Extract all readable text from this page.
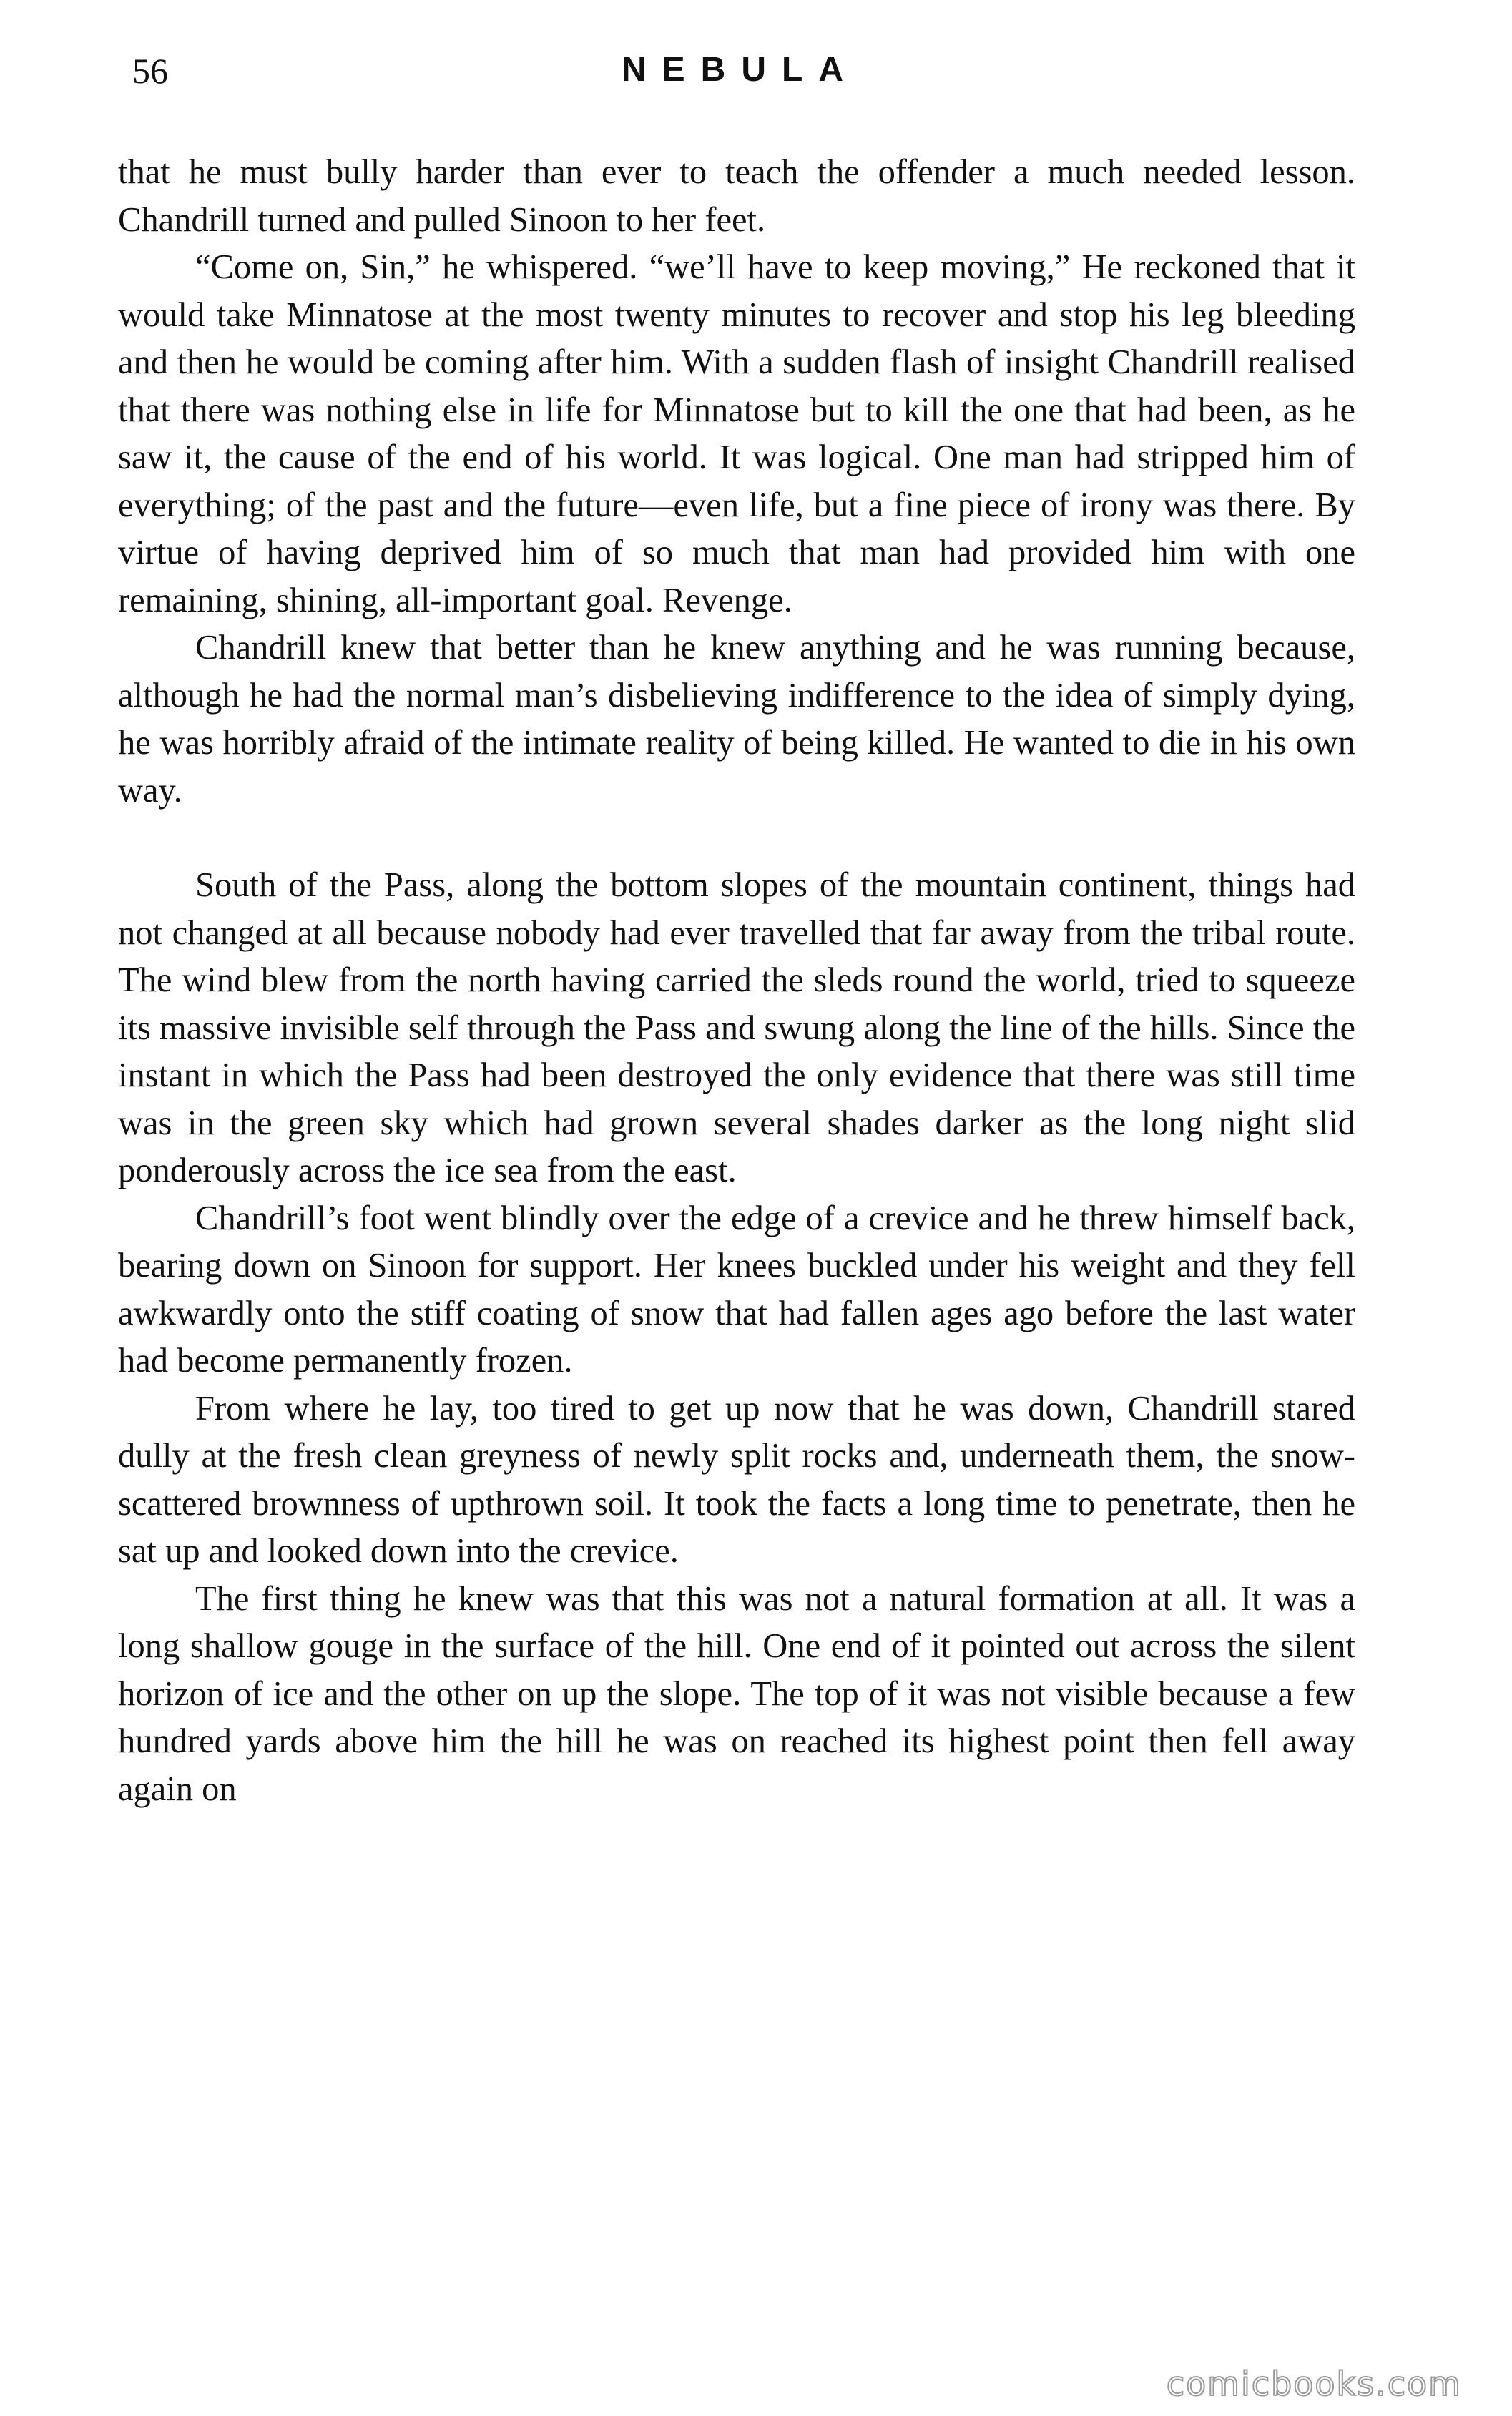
56	NEBULA

that he must bully harder than ever to teach the offender a much needed lesson. Chandrill turned and pulled Sinoon to her feet.

“Come on, Sin,” he whispered. “we’ll have to keep moving,” He reckoned that it would take Minnatose at the most twenty minutes to recover and stop his leg bleeding and then he would be coming after him. With a sudden flash of insight Chandrill realised that there was nothing else in life for Minnatose but to kill the one that had been, as he saw it, the cause of the end of his world. It was logical. One man had stripped him of everything; of the past and the future—even life, but a fine piece of irony was there. By virtue of having deprived him of so much that man had provided him with one remaining, shining, all-important goal. Revenge.

Chandrill knew that better than he knew anything and he was running because, although he had the normal man’s disbelieving indifference to the idea of simply dying, he was horribly afraid of the intimate reality of being killed. He wanted to die in his own way.

South of the Pass, along the bottom slopes of the mountain continent, things had not changed at all because nobody had ever travelled that far away from the tribal route. The wind blew from the north having carried the sleds round the world, tried to squeeze its massive invisible self through the Pass and swung along the line of the hills. Since the instant in which the Pass had been destroyed the only evidence that there was still time was in the green sky which had grown several shades darker as the long night slid ponderously across the ice sea from the east.

Chandrill’s foot went blindly over the edge of a crevice and he threw himself back, bearing down on Sinoon for support. Her knees buckled under his weight and they fell awkwardly onto the stiff coating of snow that had fallen ages ago before the last water had become permanently frozen.

From where he lay, too tired to get up now that he was down, Chandrill stared dully at the fresh clean greyness of newly split rocks and, underneath them, the snow-scattered brownness of upthrown soil. It took the facts a long time to penetrate, then he sat up and looked down into the crevice.

The first thing he knew was that this was not a natural formation at all. It was a long shallow gouge in the surface of the hill. One end of it pointed out across the silent horizon of ice and the other on up the slope. The top of it was not visible because a few hundred yards above him the hill he was on reached its highest point then fell away again on

comicbooks.com
